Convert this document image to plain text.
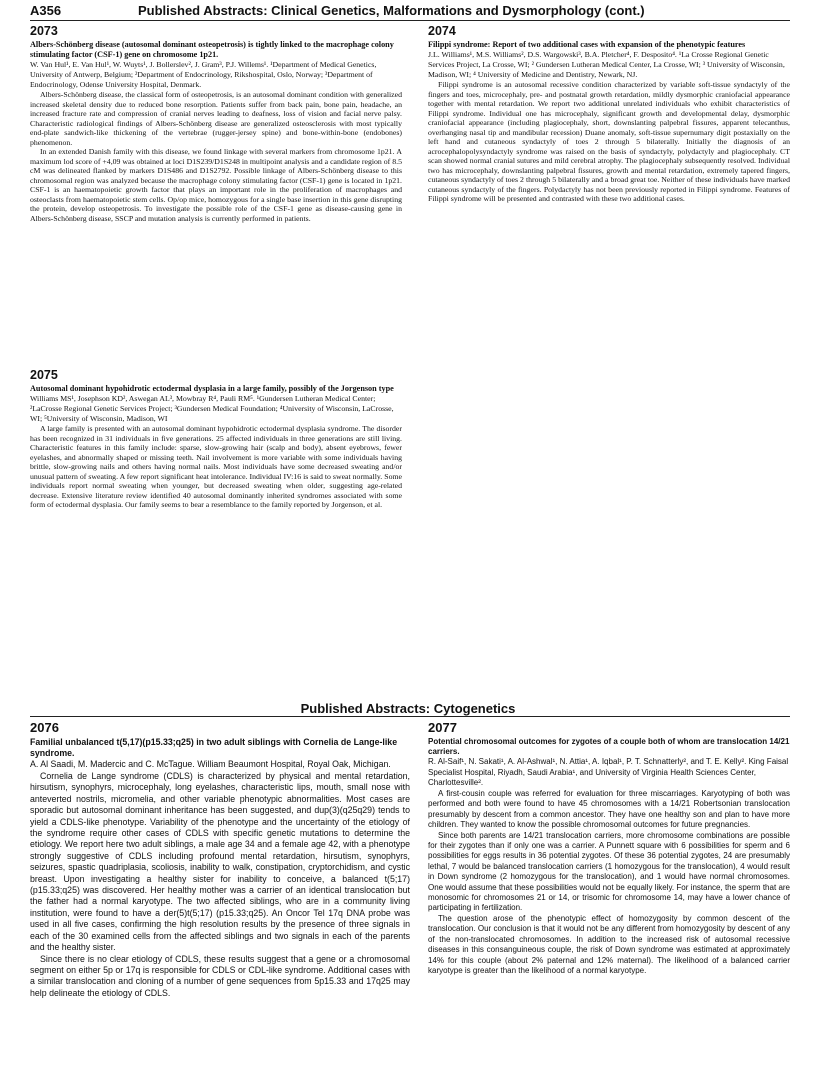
A356	Published Abstracts: Clinical Genetics, Malformations and Dysmorphology (cont.)
2073
Albers-Schönberg disease (autosomal dominant osteopetrosis) is tightly linked to the macrophage colony stimulating factor (CSF-1) gene on chromosome 1p21.
W. Van Hul¹, E. Van Hul¹, W. Wuyts¹, J. Bollerslev², J. Gram³, P.J. Willems¹. ¹Department of Medical Genetics, University of Antwerp, Belgium; ²Department of Endocrinology, Rikshospital, Oslo, Norway; ³Department of Endocrinology, Odense University Hospital, Denmark.
Albers-Schönberg disease, the classical form of osteopetrosis, is an autosomal dominant condition with generalized increased skeletal density due to reduced bone resorption. Patients suffer from back pain, bone pain, headache, an increased fracture rate and compression of cranial nerves leading to deafness, loss of vision and facial nerve palsy. Characteristic radiological findings of Albers-Schönberg disease are generalized osteosclerosis with most typically end-plate sandwich-like thickening of the vertebrae (rugger-jersey spine) and bone-within-bone (endobones) phenomenon.
In an extended Danish family with this disease, we found linkage with several markers from chromosome 1p21. A maximum lod score of +4,09 was obtained at loci D1S239/D1S248 in multipoint analysis and a candidate region of 8.5 cM was delineated flanked by markers D1S486 and D1S2792. Possible linkage of Albers-Schönberg disease to this chromosomal region was analyzed because the macrophage colony stimulating factor (CSF-1) gene is located in 1p21. CSF-1 is an haematopoietic growth factor that plays an important role in the proliferation of macrophages and osteoclasts from haematopoietic stem cells. Op/op mice, homozygous for a single base insertion in this gene disrupting the protein, develop osteopetrosis. To investigate the possible role of the CSF-1 gene as disease-causing gene in Albers-Schönberg disease, SSCP and mutation analysis is currently performed in patients.
2074
Filippi syndrome: Report of two additional cases with expansion of the phenotypic features
J.L. Williams¹, M.S. Williams², D.S. Wargowski³, B.A. Pletcher⁴, F. Desposito⁴. ¹La Crosse Regional Genetic Services Project, La Crosse, WI; ² Gundersen Lutheran Medical Center, La Crosse, WI; ³ University of Wisconsin, Madison, WI; ⁴ University of Medicine and Dentistry, Newark, NJ.
Filippi syndrome is an autosomal recessive condition characterized by variable soft-tissue syndactyly of the fingers and toes, microcephaly, pre- and postnatal growth retardation, mildly dysmorphic craniofacial appearance together with mental retardation. We report two additional unrelated individuals who exhibit characteristics of Filippi syndrome. Individual one has microcephaly, significant growth and developmental delay, dysmorphic craniofacial appearance (including plagiocephaly, short, downslanting palpebral fissures, apparent telecanthus, overhanging nasal tip and mandibular recession) Duane anomaly, soft-tissue supernumary digit postaxially on the left hand and cutaneous syndactyly of toes 2 through 5 bilaterally. Initially the diagnosis of an acrocephalopolysyndactyly syndrome was raised on the basis of syndactyly, polydactyly and plagiocephaly. CT scan showed normal cranial sutures and mild cerebral atrophy. The plagiocephaly subsequently resolved. Individual two has microcephaly, downslanting palpebral fissures, growth and mental retardation, extremely tapered fingers, cutaneous syndactyly of toes 2 through 5 bilaterally and a broad great toe. Neither of these individuals have marked cutaneous syndactyly of the fingers. Polydactyly has not been previously reported in Filippi syndrome. Features of Filippi syndrome will be presented and contrasted with these two additional cases.
2075
Autosomal dominant hypohidrotic ectodermal dysplasia in a large family, possibly of the Jorgenson type
Williams MS¹, Josephson KD², Aswegan AL³, Mowbray R⁴, Pauli RM⁵. ¹Gundersen Lutheran Medical Center; ²LaCrosse Regional Genetic Services Project; ³Gundersen Medical Foundation; ⁴University of Wisconsin, LaCrosse, WI; ⁵University of Wisconsin, Madison, WI
A large family is presented with an autosomal dominant hypohidrotic ectodermal dysplasia syndrome. The disorder has been recognized in 31 individuals in five generations. 25 affected individuals in three generations are still living. Characteristic features in this family include: sparse, slow-growing hair (scalp and body), absent eyebrows, fewer eyelashes, and abnormally shaped or missing teeth. Nail involvement is more variable with some individuals having brittle, slow-growing nails and others having normal nails. Most individuals have some decreased sweating and/or unusual pattern of sweating. A few report significant heat intolerance. Individual IV:16 is said to sweat normally. Some individuals report normal sweating when younger, but decreased sweating when older, suggesting age-related decrease. Extensive literature review identified 40 autosomal dominantly inherited syndromes associated with some form of ectodermal dysplasia. Our family seems to bear a resemblance to the family reported by Jorgenson, et al.
Published Abstracts: Cytogenetics
2076
Familial unbalanced t(5,17)(p15.33;q25) in two adult siblings with Cornelia de Lange-like syndrome.
A. Al Saadi, M. Madercic and C. McTague. William Beaumont Hospital, Royal Oak, Michigan.
Cornelia de Lange syndrome (CDLS) is characterized by physical and mental retardation, hirsutism, synophyrs, microcephaly, long eyelashes, characteristic lips, mouth, small nose with anteverted nostrils, micromelia, and other variable phenotypic abnormalities. Most cases are sporadic but autosomal dominant inheritance has been suggested, and dup(3)(q25q29) tends to yield a CDLS-like phenotype. Variability of the phenotype and the uncertainty of the etiology of the syndrome require other cases of CDLS with specific genetic mutations to determine the etiology. We report here two adult siblings, a male age 34 and a female age 42, with a phenotype strongly suggestive of CDLS including profound mental retardation, hirsutism, synophyrs, seizures, spastic quadriplasia, scoliosis, inability to walk, constipation, cryptorchidism, and cystic breast. Upon investigating a healthy sister for inability to conceive, a balanced t(5;17)(p15.33;q25) was discovered. Her healthy mother was a carrier of an identical translocation but the father had a normal karyotype. The two affected siblings, who are in a community living institution, were found to have a der(5)t(5;17) (p15.33;q25). An Oncor Tel 17q DNA probe was used in all five cases, confirming the high resolution results by the presence of three signals in each of the 30 examined cells from the affected siblings and two signals in each of the parents and the healthy sister.
Since there is no clear etiology of CDLS, these results suggest that a gene or a chromosomal segment on either 5p or 17q is responsible for CDLS or CDL-like syndrome. Additional cases with a similar translocation and cloning of a number of gene sequences from 5p15.33 and 17q25 may help delineate the etiology of CDLS.
2077
Potential chromosomal outcomes for zygotes of a couple both of whom are translocation 14/21 carriers.
R. Al-Saif¹, N. Sakati¹, A. Al-Ashwal¹, N. Attia¹, A. Iqbal¹, P. T. Schnatterly², and T. E. Kelly². King Faisal Specialist Hospital, Riyadh, Saudi Arabia¹, and University of Virginia Health Sciences Center, Charlottesville².
A first-cousin couple was referred for evaluation for three miscarriages. Karyotyping of both was performed and both were found to have 45 chromosomes with a 14/21 Robertsonian translocation presumably by descent from a common ancestor. They have one healthy son and plan to have more children. They wanted to know the possible chromosomal outcomes for future pregnancies.
Since both parents are 14/21 translocation carriers, more chromosome combinations are possible for their zygotes than if only one was a carrier. A Punnett square with 6 possibilities for sperm and 6 possibilities for eggs results in 36 potential zygotes. Of these 36 potential zygotes, 24 are presumably lethal, 7 would be balanced translocation carriers (1 homozygous for the translocation), 4 would result in Down syndrome (2 homozygous for the translocation), and 1 would have normal chromosomes. One would assume that these possibilities would not be equally likely. For instance, the sperm that are monosomic for chromosomes 21 or 14, or trisomic for chromosome 14, may have a lower chance of participating in fertilization.
The question arose of the phenotypic effect of homozygosity by common descent of the translocation. Our conclusion is that it would not be any different from homozygosity by descent of any of the non-translocated chromosomes. In addition to the increased risk of autosomal recessive diseases in this consanguineous couple, the risk of Down syndrome was estimated at approximately 14% for this couple (about 2% paternal and 12% maternal). The likelihood of a balanced carrier karyotype is greater than the likelihood of a normal karyotype.
